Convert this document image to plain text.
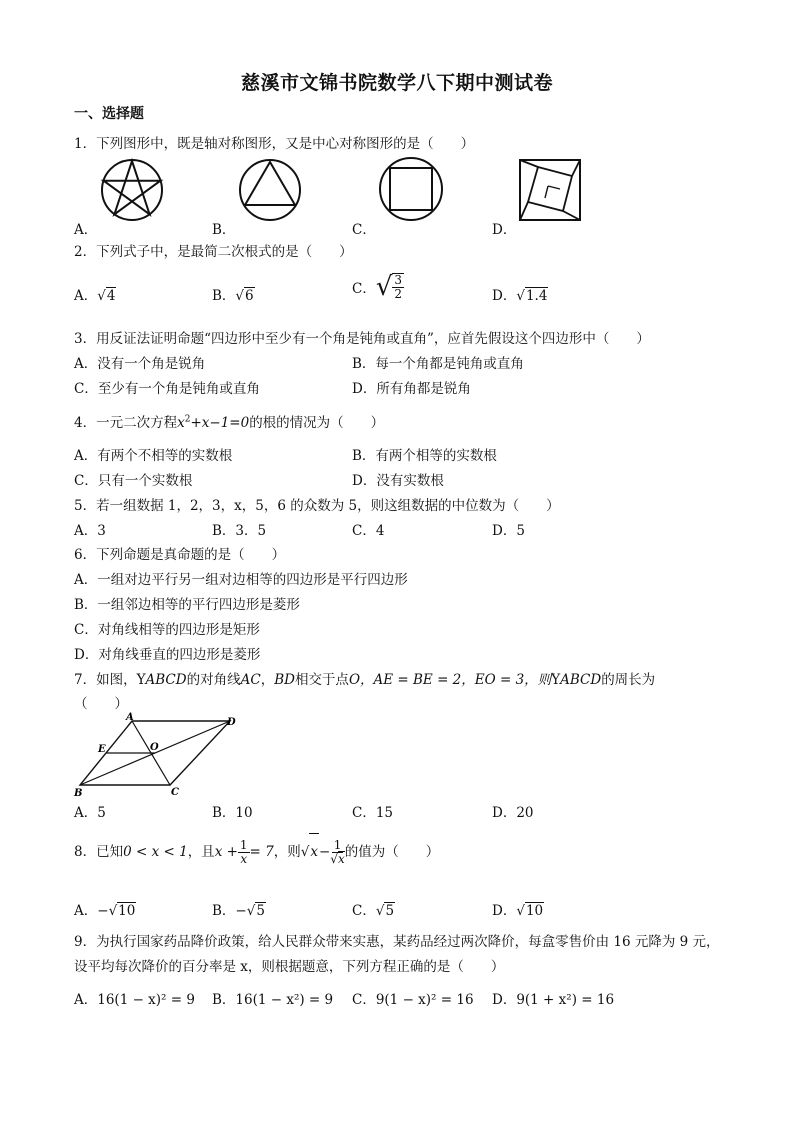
慈溪市文锦书院数学八下期中测试卷
一、选择题
1．下列图形中，既是轴对称图形，又是中心对称图形的是（　　）
A．	B．	C．	D．
2．下列式子中，是最简二次根式的是（　　）
A．√4	B．√6	C．√ $\frac{3}{2}$	D．√1.4
3．用反证法证明命题“四边形中至少有一个角是钝角或直角”，应首先假设这个四边形中（　　）
A．没有一个角是锐角	B．每一个角都是钝角或直角
C．至少有一个角是钝角或直角	D．所有角都是锐角
4．一元二次方程$x^2+x-1=0$的根的情况为（　　）
A．有两个不相等的实数根	B．有两个相等的实数根
C．只有一个实数根	D．没有实数根
5．若一组数据 1，2，3，x，5，6 的众数为 5，则这组数据的中位数为（　　）
A．3	B．3．5	C．4	D．5
6．下列命题是真命题的是（　　）
A．一组对边平行另一组对边相等的四边形是平行四边形
B．一组邻边相等的平行四边形是菱形
C．对角线相等的四边形是矩形
D．对角线垂直的四边形是菱形
7．如图，YABCD的对角线AC，BD相交于点O，AE = BE = 2，EO = 3，则YABCD的周长为
（　　）
A	D
E	O
B	C
A．5	B．10	C．15	D．20
8．已知0 < x < 1，且$x + \frac{1}{x} = 7$，则$√x- \frac{1}{√x}$ 的值为（　　）
A．−√10	B．−√5	C．√5	D．√10
9．为执行国家药品降价政策，给人民群众带来实惠，某药品经过两次降价，每盒零售价由 16 元降为 9 元，
设平均每次降价的百分率是 x，则根据题意，下列方程正确的是（　　）
A．16(1 − x)² = 9 B．16(1 − x²) = 9 C．9(1 − x)² = 16 D．9(1 + x²) = 16
